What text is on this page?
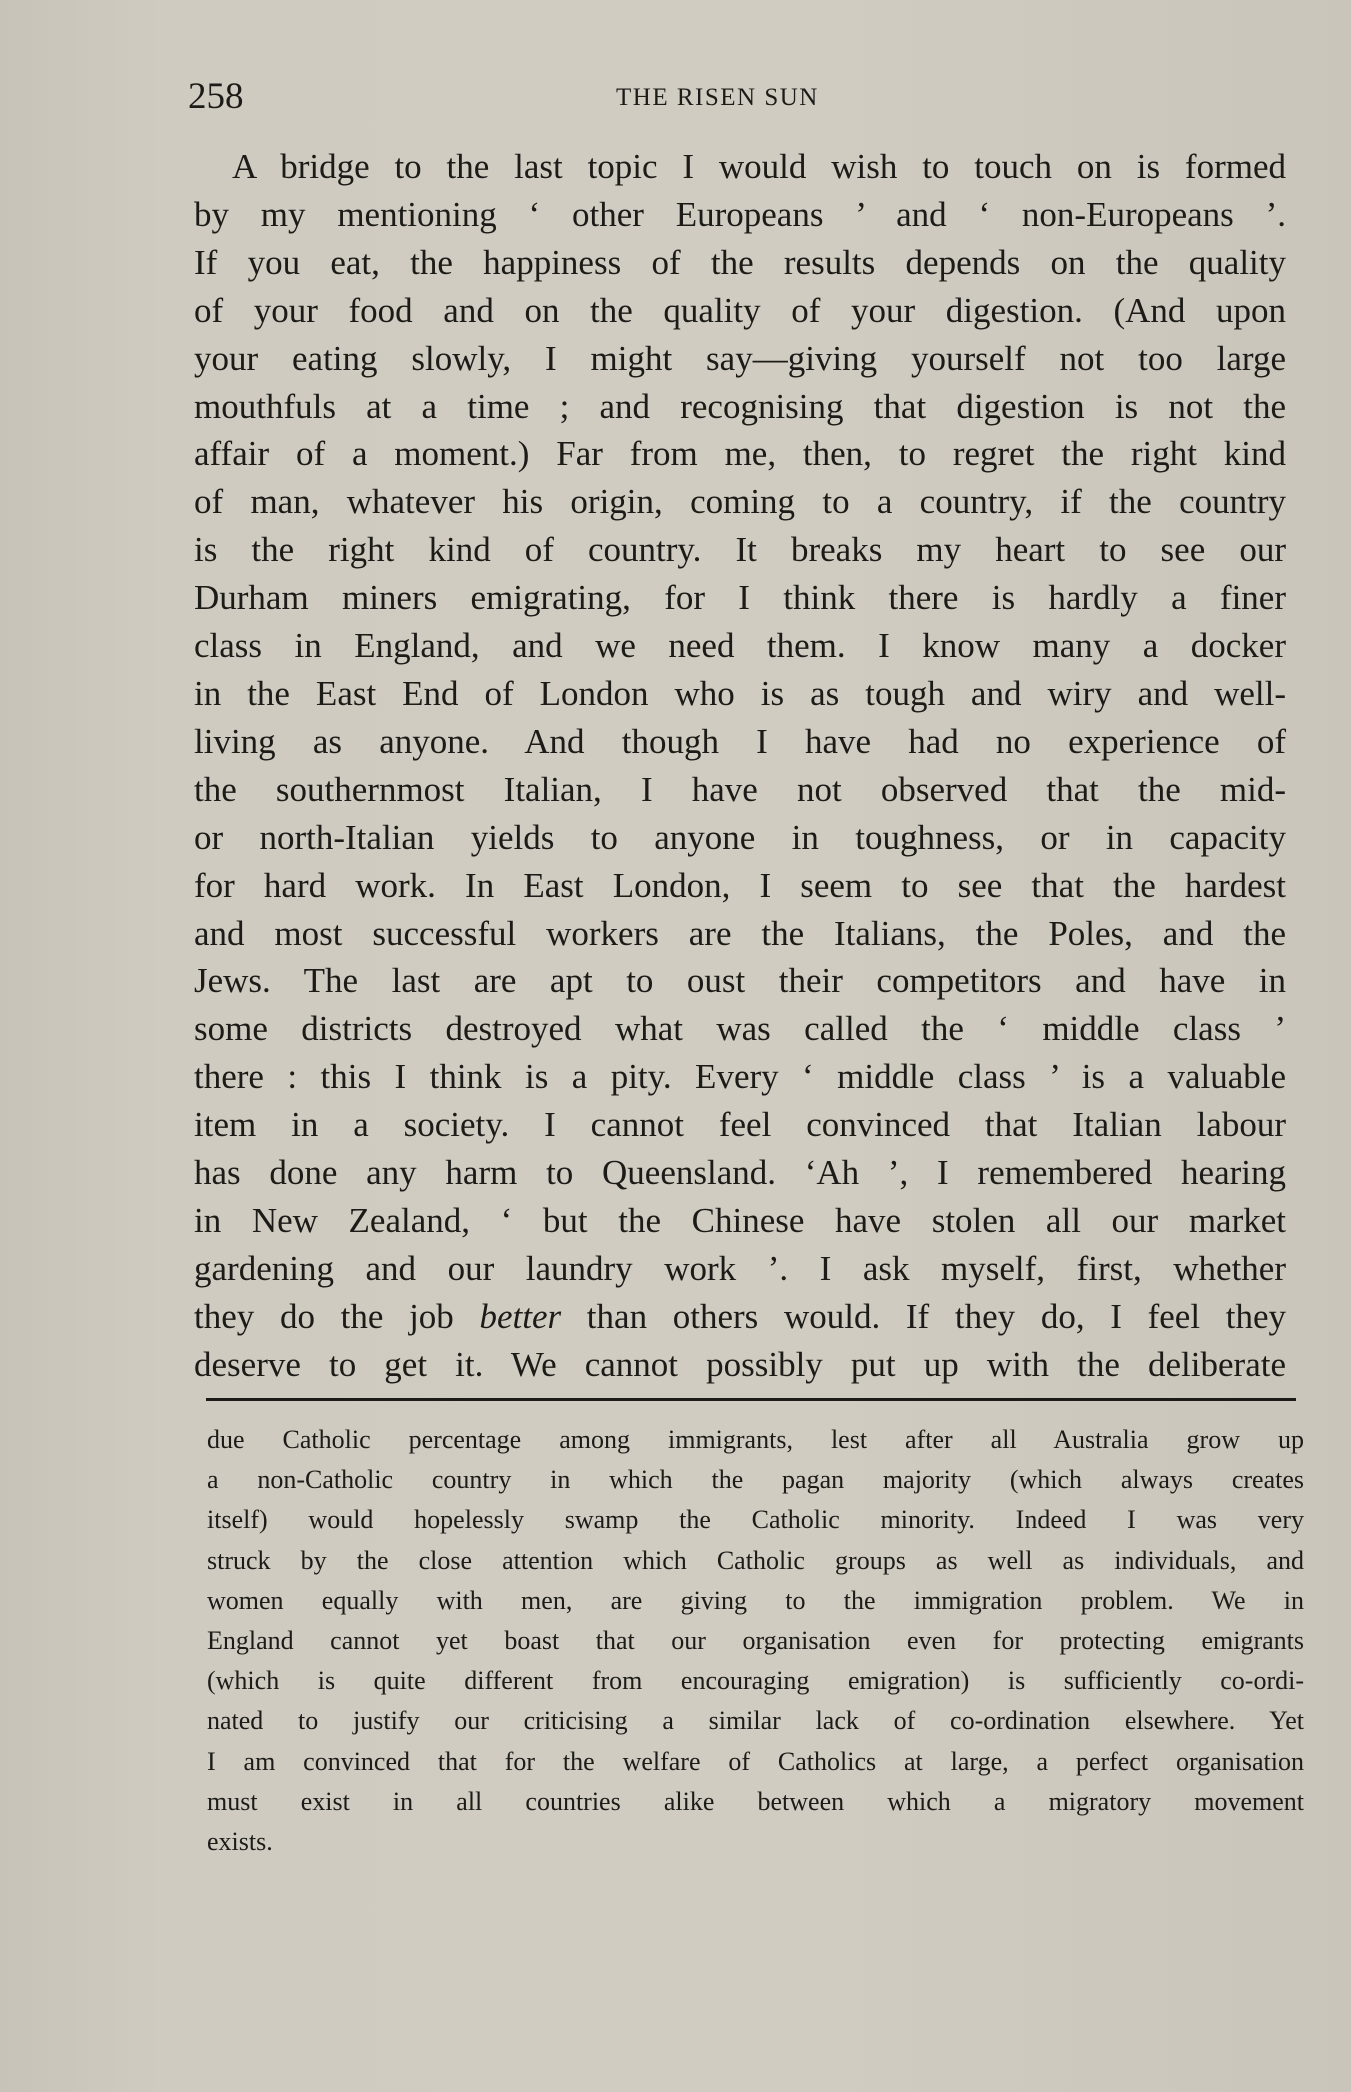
258	THE RISEN SUN
A bridge to the last topic I would wish to touch on is formed
by my mentioning ‘ other Europeans ’ and ‘ non-Europeans ’.
If you eat, the happiness of the results depends on the quality
of your food and on the quality of your digestion. (And upon
your eating slowly, I might say—giving yourself not too large
mouthfuls at a time ; and recognising that digestion is not the
affair of a moment.) Far from me, then, to regret the right kind
of man, whatever his origin, coming to a country, if the country
is the right kind of country. It breaks my heart to see our
Durham miners emigrating, for I think there is hardly a finer
class in England, and we need them. I know many a docker
in the East End of London who is as tough and wiry and well-
living as anyone. And though I have had no experience of
the southernmost Italian, I have not observed that the mid-
or north-Italian yields to anyone in toughness, or in capacity
for hard work. In East London, I seem to see that the hardest
and most successful workers are the Italians, the Poles, and the
Jews. The last are apt to oust their competitors and have in
some districts destroyed what was called the ‘ middle class ’
there : this I think is a pity. Every ‘ middle class ’ is a valuable
item in a society. I cannot feel convinced that Italian labour
has done any harm to Queensland. ‘Ah ’, I remembered hearing
in New Zealand, ‘ but the Chinese have stolen all our market
gardening and our laundry work ’. I ask myself, first, whether
they do the job better than others would. If they do, I feel they
deserve to get it. We cannot possibly put up with the deliberate
due Catholic percentage among immigrants, lest after all Australia grow up
a non-Catholic country in which the pagan majority (which always creates
itself) would hopelessly swamp the Catholic minority. Indeed I was very
struck by the close attention which Catholic groups as well as individuals, and
women equally with men, are giving to the immigration problem. We in
England cannot yet boast that our organisation even for protecting emigrants
(which is quite different from encouraging emigration) is sufficiently co-ordi-
nated to justify our criticising a similar lack of co-ordination elsewhere. Yet
I am convinced that for the welfare of Catholics at large, a perfect organisation
must exist in all countries alike between which a migratory movement
exists.
